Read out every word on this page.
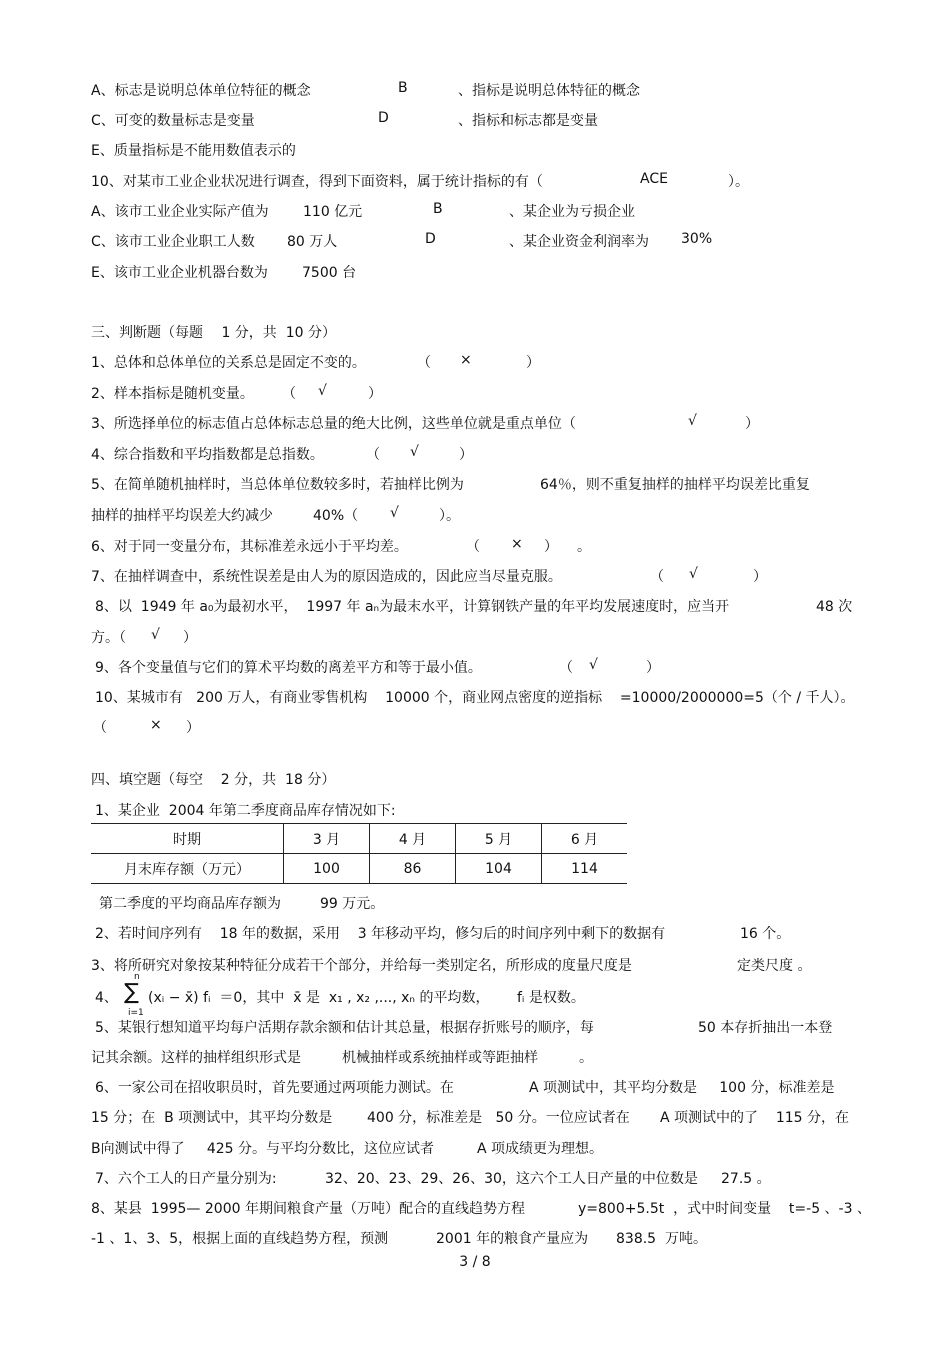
A、标志是说明总体单位特征的概念	B	、指标是说明总体特征的概念
C、可变的数量标志是变量	D	、指标和标志都是变量
E、质量指标是不能用数值表示的
10、对某市工业企业状况进行调查，得到下面资料，属于统计指标的有（	ACE	）。
A、该市工业企业实际产值为 110 亿元	B	、某企业为亏损企业
C、该市工业企业职工人数 80 万人	D	、某企业资金利润率为 30%
E、该市工业企业机器台数为 7500 台
三、判断题（每题　 1 分，共  10 分）
1、总体和总体单位的关系总是固定不变的。	（ ×	）
2、样本指标是随机变量。 （ √	）
3、所选择单位的标志值占总体标志总量的绝大比例，这些单位就是重点单位（	√	）
4、综合指数和平均指数都是总指数。	（ √	）
5、在简单随机抽样时，当总体单位数较多时，若抽样比例为	64％，则不重复抽样的抽样平均误差比重复
抽样的抽样平均误差大约减少	40%（ √	）。
6、对于同一变量分布，其标准差永远小于平均差。	（ × ） 。
7、在抽样调查中，系统性误差是由人为的原因造成的，因此应当尽量克服。	（ √	）
8、以  1949 年 a₀为最初水平，  1997 年 aₙ为最末水平，计算钢铁产量的年平均发展速度时，应当开	48 次
方。（ √ ）
9、各个变量值与它们的算术平均数的离差平方和等于最小值。	（ √	）
10、某城市有   200 万人，有商业零售机构    10000 个，商业网点密度的逆指标    =10000/2000000=5（个 / 千人）。
（	× ）
四、填空题（每空    2 分，共  18 分）
1、某企业  2004 年第二季度商品库存情况如下:
时期	3 月	4 月	5 月	6 月
月末库存额（万元）	100	86	104	114
第二季度的平均商品库存额为	99 万元。
2、若时间序列有    18 年的数据，采用    3 年移动平均，修匀后的时间序列中剩下的数据有	16 个。
3、将所研究对象按某种特征分成若干个部分，并给每一类别定名，所形成的度量尺度是	定类尺度 。
4、 ∑
n
i=1
(xᵢ − x̄) fᵢ  ＝0，其中  x̄ 是  x₁ , x₂ ,..., xₙ 的平均数， fᵢ 是权数。
5、某银行想知道平均每户活期存款余额和估计其总量，根据存折账号的顺序，每	50 本存折抽出一本登
记其余额。这样的抽样组织形式是	机械抽样或系统抽样或等距抽样	。
6、一家公司在招收职员时，首先要通过两项能力测试。在	A 项测试中，其平均分数是     100 分，标准差是
15 分；在  B 项测试中，其平均分数是 400 分，标准差是   50 分。一位应试者在 A 项测试中的了    115 分，在
B向测试中得了     425 分。与平均分数比，这位应试者	A 项成绩更为理想。
7、六个工人的日产量分别为:	32、20、23、29、26、30，这六个工人日产量的中位数是 27.5 。
8、某县  1995— 2000 年期间粮食产量（万吨）配合的直线趋势方程	y=800+5.5t  ，式中时间变量    t=-5 、-3 、
-1 、1、3、5，根据上面的直线趋势方程，预测	2001 年的粮食产量应为 838.5  万吨。
3 / 8
